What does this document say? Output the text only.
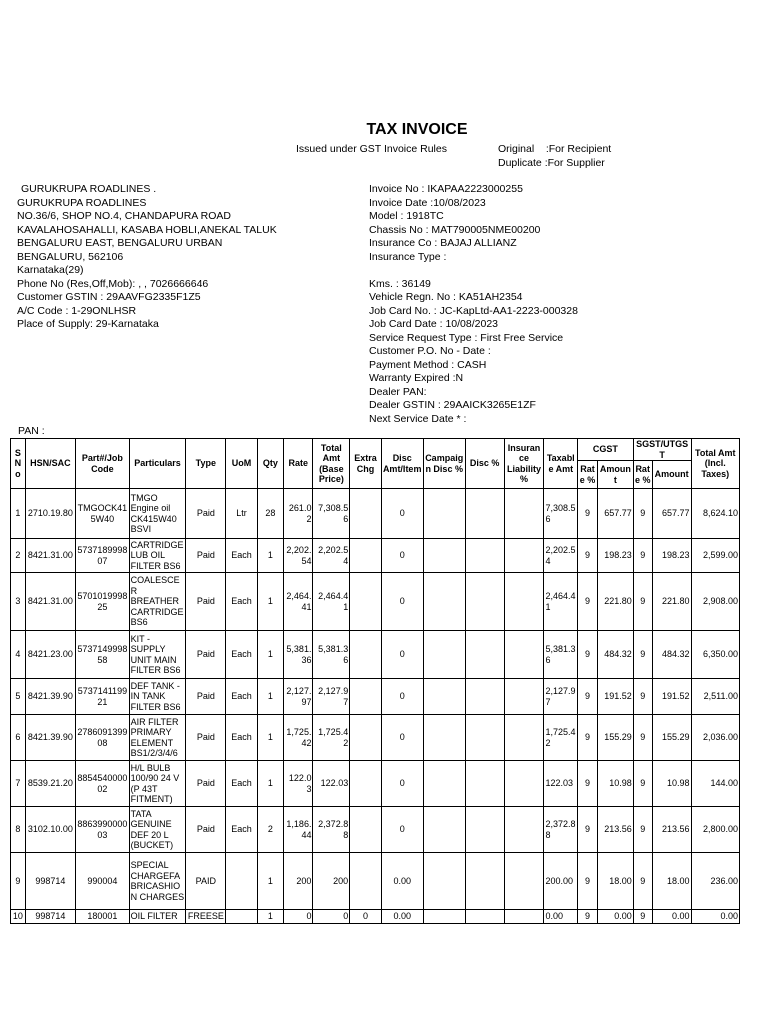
TAX INVOICE
Issued under GST Invoice Rules	Original    :For Recipient
Duplicate :For Supplier
GURUKRUPA ROADLINES .
GURUKRUPA ROADLINES
NO.36/6, SHOP NO.4, CHANDAPURA ROAD
KAVALAHOSAHALLI, KASABA HOBLI,ANEKAL TALUK
BENGALURU EAST, BENGALURU URBAN
BENGALURU, 562106
Karnataka(29)
Phone No (Res,Off,Mob): , , 7026666646
Customer GSTIN : 29AAVFG2335F1Z5
A/C Code : 1-29ONLHSR
Place of Supply: 29-Karnataka
Invoice No : IKAPAA2223000255
Invoice Date :10/08/2023
Model : 1918TC
Chassis No : MAT790005NME00200
Insurance Co : BAJAJ ALLIANZ
Insurance Type :
Kms. : 36149
Vehicle Regn. No : KA51AH2354
Job Card No. : JC-KapLtd-AA1-2223-000328
Job Card Date : 10/08/2023
Service Request Type : First Free Service
Customer P.O. No - Date :
Payment Method : CASH
Warranty Expired :N
Dealer PAN:
Dealer GSTIN : 29AAICK3265E1ZF
Next Service Date * :
PAN :
S No	HSN/SAC	Part#/Job Code	Particulars	Type	UoM	Qty	Rate	Total Amt (Base Price)	Extra Chg	Disc Amt/Item	Campaign Disc %	Disc %	Insurance Liability %	Taxable Amt	CGST		SGST/UTGST		Total Amt (Incl. Taxes)
															Rate %	Amount	Rate %	Amount	
1	2710.19.80	TMGOCK415W40	TMGO Engine oil CK415W40 BSVI	Paid	Ltr	28	261.02	7,308.56		0				7,308.56	9	657.77	9	657.77	8,624.10
2	8421.31.00	573718999807	CARTRIDGE LUB OIL FILTER BS6	Paid	Each	1	2,202.54	2,202.54		0				2,202.54	9	198.23	9	198.23	2,599.00
3	8421.31.00	570101999825	COALESCER BREATHER CARTRIDGE BS6	Paid	Each	1	2,464.41	2,464.41		0				2,464.41	9	221.80	9	221.80	2,908.00
4	8421.23.00	573714999858	KIT - SUPPLY UNIT MAIN FILTER BS6	Paid	Each	1	5,381.36	5,381.36		0				5,381.36	9	484.32	9	484.32	6,350.00
5	8421.39.90	573714119921	DEF TANK - IN TANK FILTER BS6	Paid	Each	1	2,127.97	2,127.97		0				2,127.97	9	191.52	9	191.52	2,511.00
6	8421.39.90	278609139908	AIR FILTER PRIMARY ELEMENT BS1/2/3/4/6	Paid	Each	1	1,725.42	1,725.42		0				1,725.42	9	155.29	9	155.29	2,036.00
7	8539.21.20	885454000002	H/L BULB 100/90 24 V (P 43T FITMENT)	Paid	Each	1	122.03	122.03		0				122.03	9	10.98	9	10.98	144.00
8	3102.10.00	886399000003	TATA GENUINE DEF 20 L (BUCKET)	Paid	Each	2	1,186.44	2,372.88		0				2,372.88	9	213.56	9	213.56	2,800.00
9	998714	990004	SPECIAL CHARGEFA BRICASHION CHARGES	PAID		1	200	200		0.00				200.00	9	18.00	9	18.00	236.00
10	998714	180001	OIL FILTER	FREESE		1	0	0	0	0.00				0.00	9	0.00	9	0.00	0.00
